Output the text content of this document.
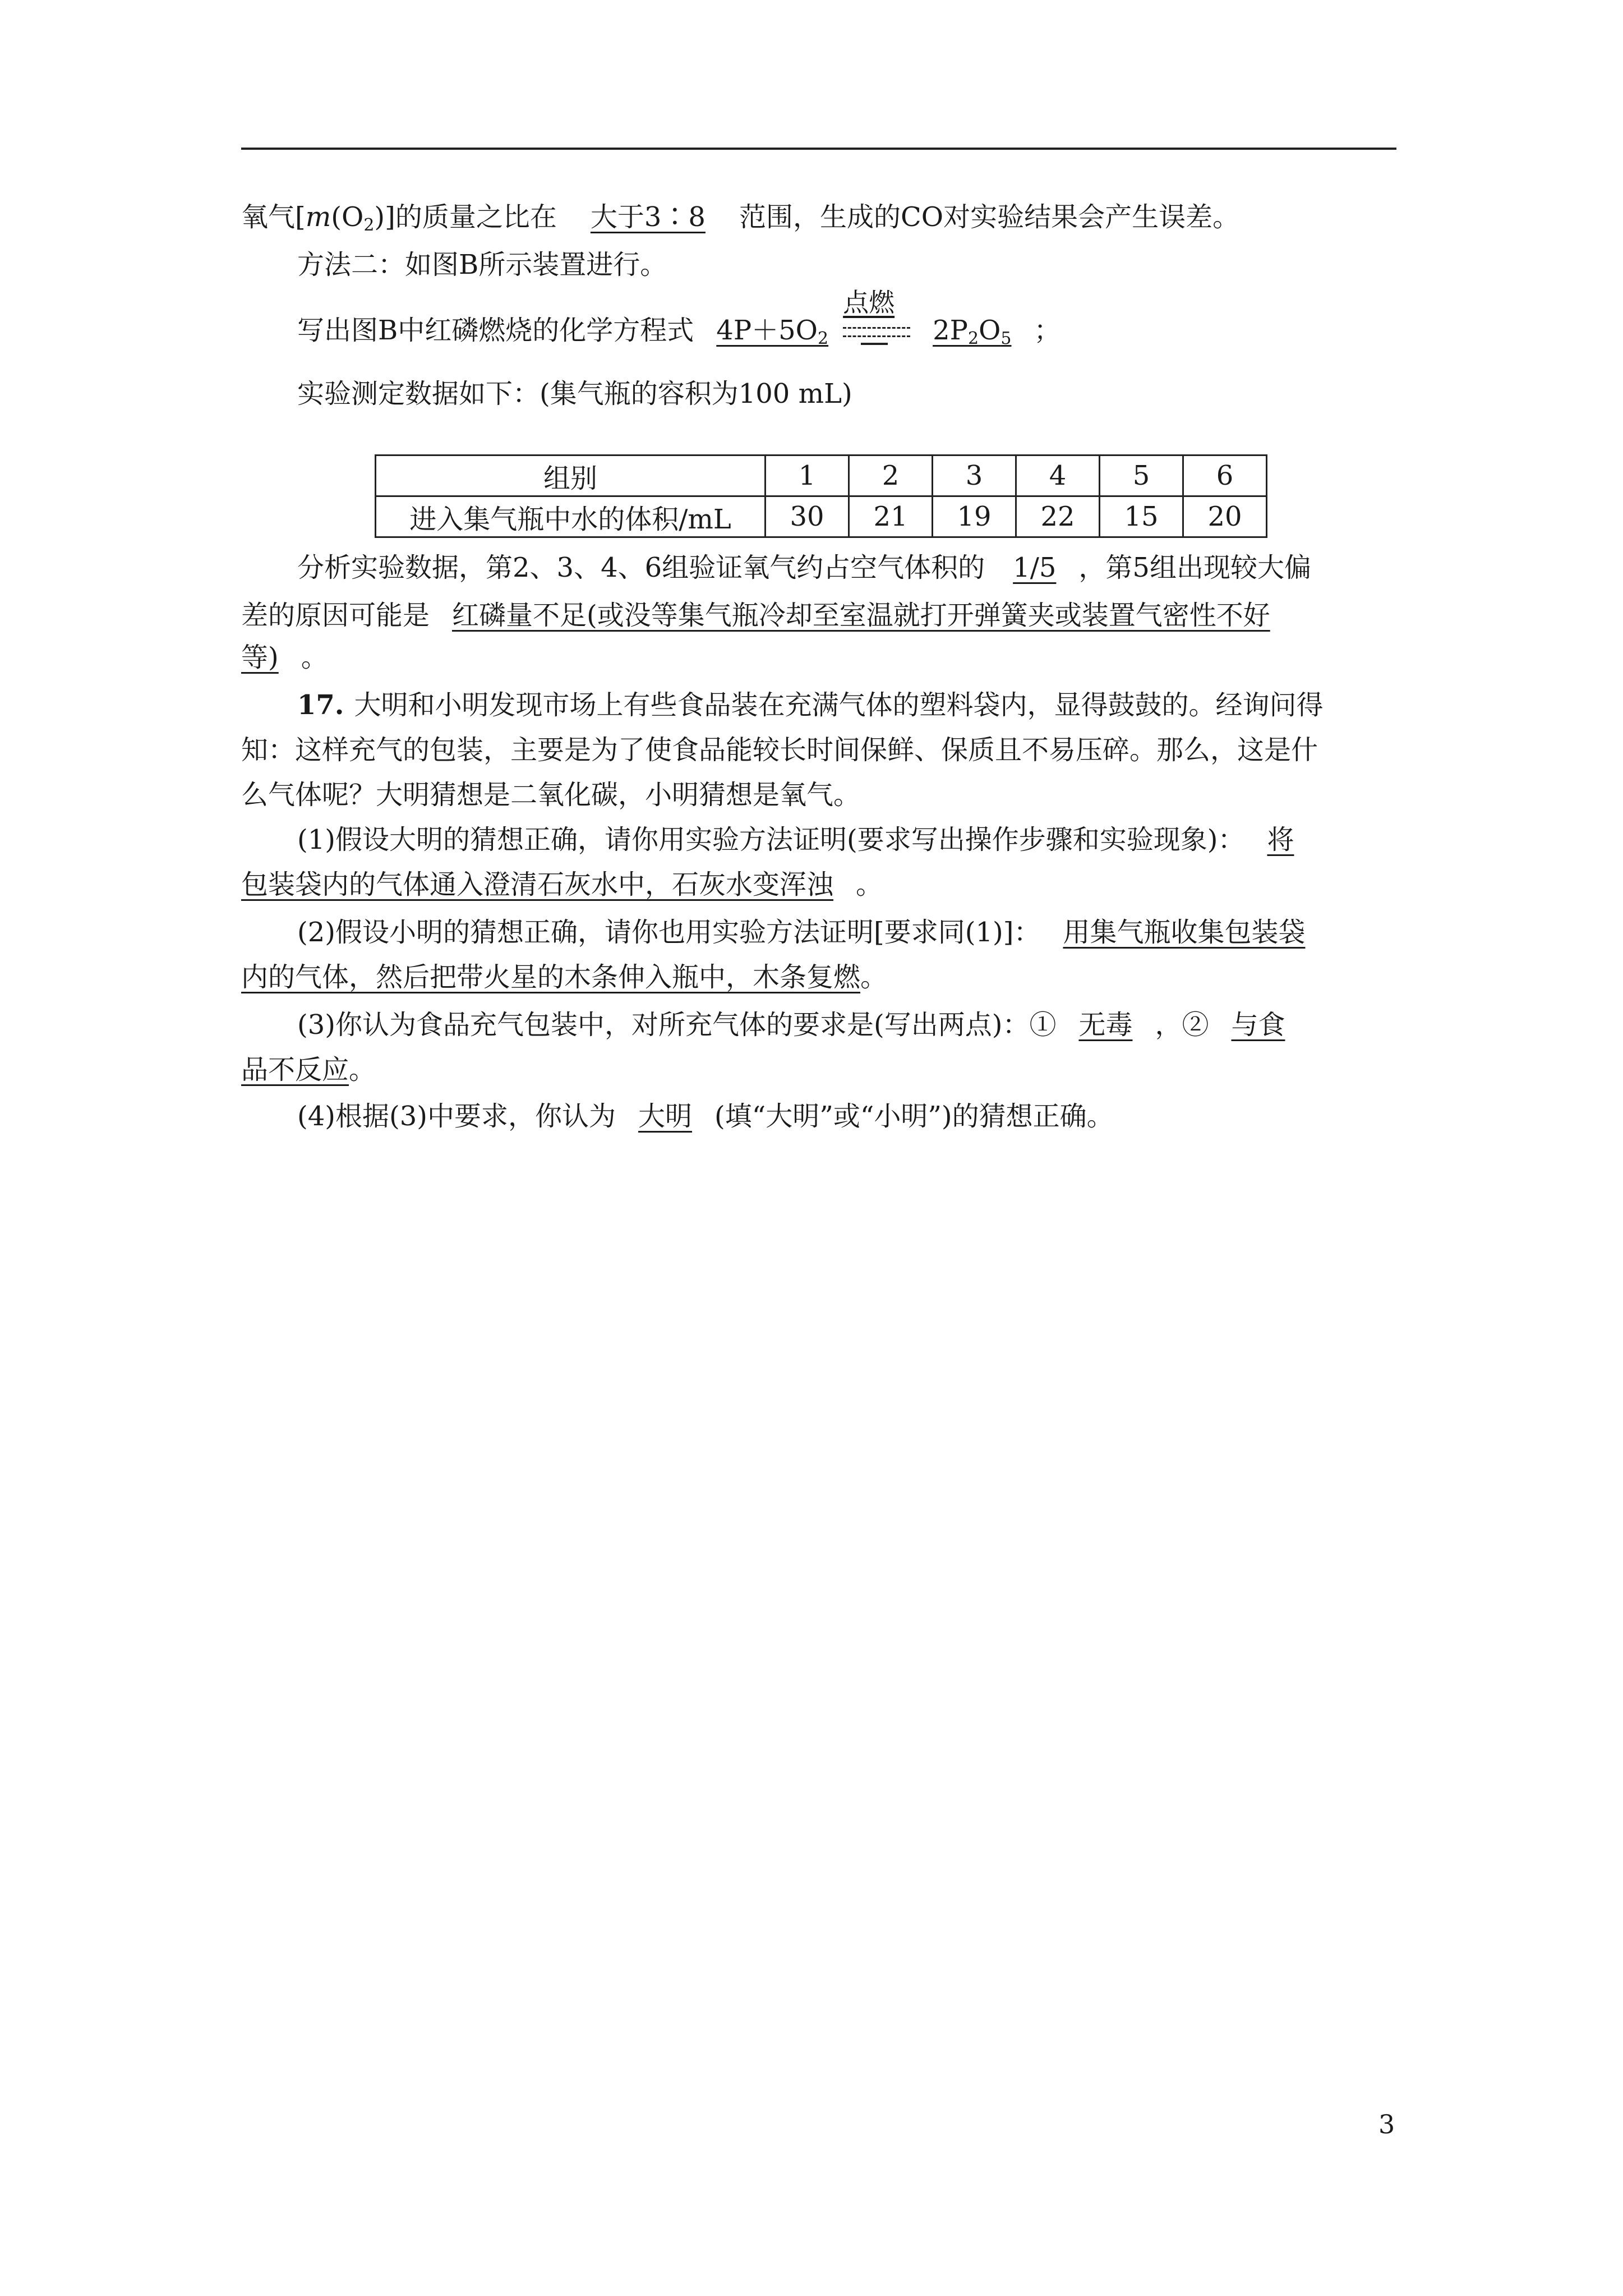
氧气$[m(O_2)]$的质量之比在 大于3∶8 范围，生成的CO对实验结果会产生误差。
方法二：如图B所示装置进行。
写出图B中红磷燃烧的化学方程式 $4P+5O_2$
点燃
$2P_2O_5$ ；
实验测定数据如下：(集气瓶的容积为100 mL)
组别	1	2	3	4	5	6
进入集气瓶中水的体积/mL	30	21	19	22	15	20
分析实验数据，第2、3、4、6组验证氧气约占空气体积的 1/5 ，第5组出现较大偏
差的原因可能是 红磷量不足(或没等集气瓶冷却至室温就打开弹簧夹或装置气密性不好
等) 。
17. 大明和小明发现市场上有些食品装在充满气体的塑料袋内，显得鼓鼓的。经询问得
知：这样充气的包装，主要是为了使食品能较长时间保鲜、保质且不易压碎。那么，这是什
么气体呢？大明猜想是二氧化碳，小明猜想是氧气。
(1)假设大明的猜想正确，请你用实验方法证明(要求写出操作步骤和实验现象)： 将
包装袋内的气体通入澄清石灰水中，石灰水变浑浊 。
(2)假设小明的猜想正确，请你也用实验方法证明[要求同(1)]： 用集气瓶收集包装袋
内的气体，然后把带火星的木条伸入瓶中，木条复燃。
(3)你认为食品充气包装中，对所充气体的要求是(写出两点)：① 无毒 ，② 与食
品不反应。
(4)根据(3)中要求，你认为 大明 (填“大明”或“小明”)的猜想正确。
3
